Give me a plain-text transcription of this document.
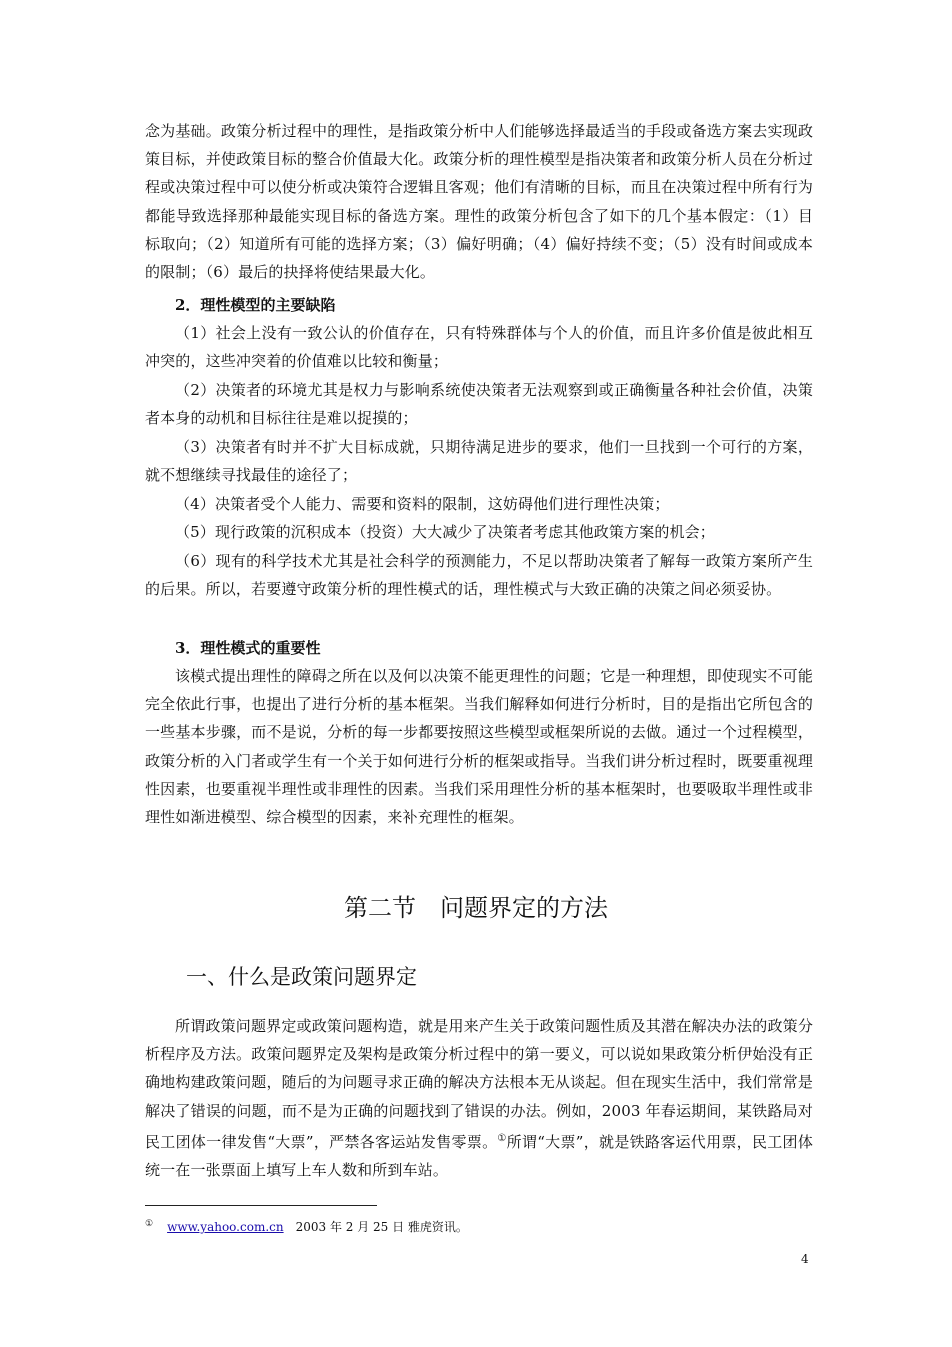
念为基础。政策分析过程中的理性，是指政策分析中人们能够选择最适当的手段或备选方案去实现政策目标，并使政策目标的整合价值最大化。政策分析的理性模型是指决策者和政策分析人员在分析过程或决策过程中可以使分析或决策符合逻辑且客观；他们有清晰的目标，而且在决策过程中所有行为都能导致选择那种最能实现目标的备选方案。理性的政策分析包含了如下的几个基本假定：（1）目标取向；（2）知道所有可能的选择方案；（3）偏好明确；（4）偏好持续不变；（5）没有时间或成本的限制；（6）最后的抉择将使结果最大化。

2．理性模型的主要缺陷

（1）社会上没有一致公认的价值存在，只有特殊群体与个人的价值，而且许多价值是彼此相互冲突的，这些冲突着的价值难以比较和衡量；

（2）决策者的环境尤其是权力与影响系统使决策者无法观察到或正确衡量各种社会价值，决策者本身的动机和目标往往是难以捉摸的；

（3）决策者有时并不扩大目标成就，只期待满足进步的要求，他们一旦找到一个可行的方案，就不想继续寻找最佳的途径了；

（4）决策者受个人能力、需要和资料的限制，这妨碍他们进行理性决策；

（5）现行政策的沉积成本（投资）大大减少了决策者考虑其他政策方案的机会；

（6）现有的科学技术尤其是社会科学的预测能力，不足以帮助决策者了解每一政策方案所产生的后果。所以，若要遵守政策分析的理性模式的话，理性模式与大致正确的决策之间必须妥协。

3．理性模式的重要性

该模式提出理性的障碍之所在以及何以决策不能更理性的问题；它是一种理想，即使现实不可能完全依此行事，也提出了进行分析的基本框架。当我们解释如何进行分析时，目的是指出它所包含的一些基本步骤，而不是说，分析的每一步都要按照这些模型或框架所说的去做。通过一个过程模型，政策分析的入门者或学生有一个关于如何进行分析的框架或指导。当我们讲分析过程时，既要重视理性因素，也要重视半理性或非理性的因素。当我们采用理性分析的基本框架时，也要吸取半理性或非理性如渐进模型、综合模型的因素，来补充理性的框架。

第二节　问题界定的方法

一、什么是政策问题界定

所谓政策问题界定或政策问题构造，就是用来产生关于政策问题性质及其潜在解决办法的政策分析程序及方法。政策问题界定及架构是政策分析过程中的第一要义，可以说如果政策分析伊始没有正确地构建政策问题，随后的为问题寻求正确的解决方法根本无从谈起。但在现实生活中，我们常常是解决了错误的问题，而不是为正确的问题找到了错误的办法。例如，2003 年春运期间，某铁路局对民工团体一律发售“大票”，严禁各客运站发售零票。①所谓“大票”，就是铁路客运代用票，民工团体统一在一张票面上填写上车人数和所到车站。

① www.yahoo.com.cn 2003 年 2 月 25 日 雅虎资讯。
4
